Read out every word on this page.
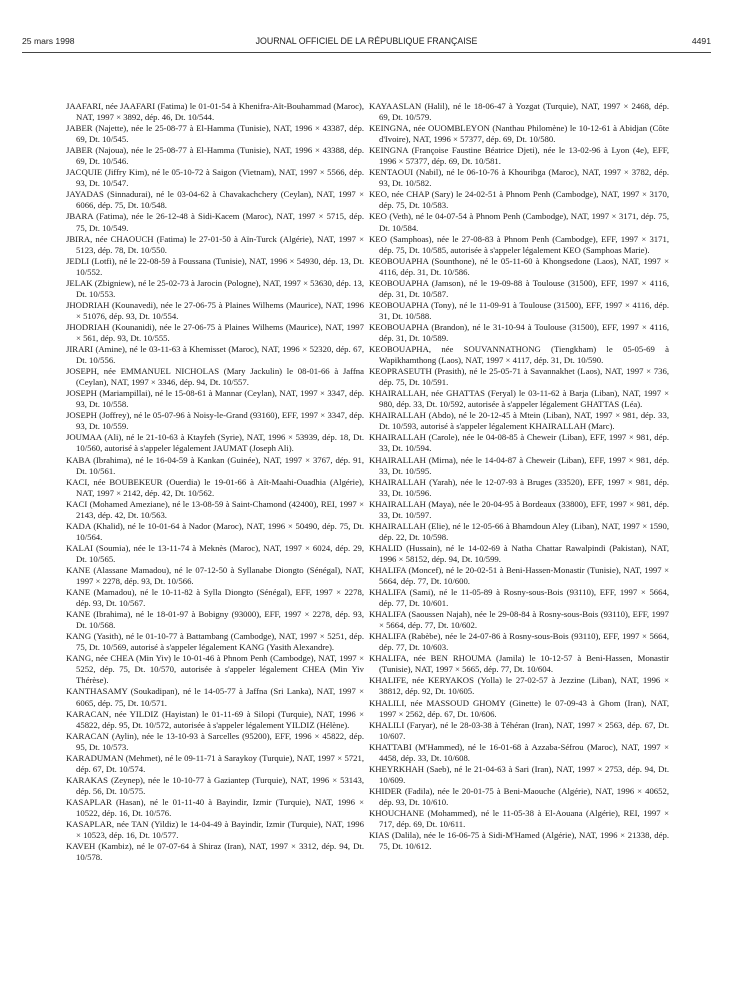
25 mars 1998	JOURNAL OFFICIEL DE LA RÉPUBLIQUE FRANÇAISE	4491

JAAFARI, née JAAFARI (Fatima) le 01-01-54 à Khenifra-Aït-Bouhammad (Maroc), NAT, 1997 × 3892, dép. 46, Dt. 10/544.

JABER (Najette), née le 25-08-77 à El-Hamma (Tunisie), NAT, 1996 × 43387, dép. 69, Dt. 10/545.

JABER (Najoua), née le 25-08-77 à El-Hamma (Tunisie), NAT, 1996 × 43388, dép. 69, Dt. 10/546.

JACQUIE (Jiffry Kim), né le 05-10-72 à Saigon (Vietnam), NAT, 1997 × 5566, dép. 93, Dt. 10/547.

JAYADAS (Sinnadurai), né le 03-04-62 à Chavakachchery (Ceylan), NAT, 1997 × 6066, dép. 75, Dt. 10/548.

JBARA (Fatima), née le 26-12-48 à Sidi-Kacem (Maroc), NAT, 1997 × 5715, dép. 75, Dt. 10/549.

JBIRA, née CHAOUCH (Fatima) le 27-01-50 à Aïn-Turck (Algérie), NAT, 1997 × 5123, dép. 78, Dt. 10/550.

JEDLI (Lotfi), né le 22-08-59 à Foussana (Tunisie), NAT, 1996 × 54930, dép. 13, Dt. 10/552.

JELAK (Zbigniew), né le 25-02-73 à Jarocin (Pologne), NAT, 1997 × 53630, dép. 13, Dt. 10/553.

JHODRIAH (Kounavedi), née le 27-06-75 à Plaines Wilhems (Maurice), NAT, 1996 × 51076, dép. 93, Dt. 10/554.

JHODRIAH (Kounanidi), née le 27-06-75 à Plaines Wilhems (Maurice), NAT, 1997 × 561, dép. 93, Dt. 10/555.

JIRARI (Amine), né le 03-11-63 à Khemisset (Maroc), NAT, 1996 × 52320, dép. 67, Dt. 10/556.

JOSEPH, née EMMANUEL NICHOLAS (Mary Jackulin) le 08-01-66 à Jaffna (Ceylan), NAT, 1997 × 3346, dép. 94, Dt. 10/557.

JOSEPH (Mariampillai), né le 15-08-61 à Mannar (Ceylan), NAT, 1997 × 3347, dép. 93, Dt. 10/558.

JOSEPH (Joffrey), né le 05-07-96 à Noisy-le-Grand (93160), EFF, 1997 × 3347, dép. 93, Dt. 10/559.

JOUMAA (Ali), né le 21-10-63 à Ktayfeh (Syrie), NAT, 1996 × 53939, dép. 18, Dt. 10/560, autorisé à s'appeler légalement JAUMAT (Joseph Ali).

KABA (Ibrahima), né le 16-04-59 à Kankan (Guinée), NAT, 1997 × 3767, dép. 91, Dt. 10/561.

KACI, née BOUBEKEUR (Ouerdia) le 19-01-66 à Aït-Maahi-Ouadhia (Algérie), NAT, 1997 × 2142, dép. 42, Dt. 10/562.

KACI (Mohamed Ameziane), né le 13-08-59 à Saint-Chamond (42400), REI, 1997 × 2143, dép. 42, Dt. 10/563.

KADA (Khalid), né le 10-01-64 à Nador (Maroc), NAT, 1996 × 50490, dép. 75, Dt. 10/564.

KALAI (Soumia), née le 13-11-74 à Meknès (Maroc), NAT, 1997 × 6024, dép. 29, Dt. 10/565.

KANE (Alassane Mamadou), né le 07-12-50 à Syllanabe Diongto (Sénégal), NAT, 1997 × 2278, dép. 93, Dt. 10/566.

KANE (Mamadou), né le 10-11-82 à Sylla Diongto (Sénégal), EFF, 1997 × 2278, dép. 93, Dt. 10/567.

KANE (Ibrahima), né le 18-01-97 à Bobigny (93000), EFF, 1997 × 2278, dép. 93, Dt. 10/568.

KANG (Yasith), né le 01-10-77 à Battambang (Cambodge), NAT, 1997 × 5251, dép. 75, Dt. 10/569, autorisé à s'appeler légalement KANG (Yasith Alexandre).

KANG, née CHEA (Min Yiv) le 10-01-46 à Phnom Penh (Cambodge), NAT, 1997 × 5252, dép. 75, Dt. 10/570, autorisée à s'appeler légalement CHEA (Min Yiv Thérèse).

KANTHASAMY (Soukadipan), né le 14-05-77 à Jaffna (Sri Lanka), NAT, 1997 × 6065, dép. 75, Dt. 10/571.

KARACAN, née YILDIZ (Hayistan) le 01-11-69 à Silopi (Turquie), NAT, 1996 × 45822, dép. 95, Dt. 10/572, autorisée à s'appeler légalement YILDIZ (Hélène).

KARACAN (Aylin), née le 13-10-93 à Sarcelles (95200), EFF, 1996 × 45822, dép. 95, Dt. 10/573.

KARADUMAN (Mehmet), né le 09-11-71 à Saraykoy (Turquie), NAT, 1997 × 5721, dép. 67, Dt. 10/574.

KARAKAS (Zeynep), née le 10-10-77 à Gaziantep (Turquie), NAT, 1996 × 53143, dép. 56, Dt. 10/575.

KASAPLAR (Hasan), né le 01-11-40 à Bayindir, Izmir (Turquie), NAT, 1996 × 10522, dép. 16, Dt. 10/576.

KASAPLAR, née TAN (Yildiz) le 14-04-49 à Bayindir, Izmir (Turquie), NAT, 1996 × 10523, dép. 16, Dt. 10/577.

KAVEH (Kambiz), né le 07-07-64 à Shiraz (Iran), NAT, 1997 × 3312, dép. 94, Dt. 10/578.

KAYAASLAN (Halil), né le 18-06-47 à Yozgat (Turquie), NAT, 1997 × 2468, dép. 69, Dt. 10/579.

KEINGNA, née OUOMBLEYON (Nanthau Philomène) le 10-12-61 à Abidjan (Côte d'Ivoire), NAT, 1996 × 57377, dép. 69, Dt. 10/580.

KEINGNA (Françoise Faustine Béatrice Djeti), née le 13-02-96 à Lyon (4e), EFF, 1996 × 57377, dép. 69, Dt. 10/581.

KENTAOUI (Nabil), né le 06-10-76 à Khouribga (Maroc), NAT, 1997 × 3782, dép. 93, Dt. 10/582.

KEO, née CHAP (Sary) le 24-02-51 à Phnom Penh (Cambodge), NAT, 1997 × 3170, dép. 75, Dt. 10/583.

KEO (Veth), né le 04-07-54 à Phnom Penh (Cambodge), NAT, 1997 × 3171, dép. 75, Dt. 10/584.

KEO (Samphoas), née le 27-08-83 à Phnom Penh (Cambodge), EFF, 1997 × 3171, dép. 75, Dt. 10/585, autorisée à s'appeler légalement KEO (Samphoas Marie).

KEOBOUAPHA (Sounthone), né le 05-11-60 à Khongsedone (Laos), NAT, 1997 × 4116, dép. 31, Dt. 10/586.

KEOBOUAPHA (Jamson), né le 19-09-88 à Toulouse (31500), EFF, 1997 × 4116, dép. 31, Dt. 10/587.

KEOBOUAPHA (Tony), né le 11-09-91 à Toulouse (31500), EFF, 1997 × 4116, dép. 31, Dt. 10/588.

KEOBOUAPHA (Brandon), né le 31-10-94 à Toulouse (31500), EFF, 1997 × 4116, dép. 31, Dt. 10/589.

KEOBOUAPHA, née SOUVANNATHONG (Tiengkham) le 05-05-69 à Wapikhamthong (Laos), NAT, 1997 × 4117, dép. 31, Dt. 10/590.

KEOPRASEUTH (Prasith), né le 25-05-71 à Savannakhet (Laos), NAT, 1997 × 736, dép. 75, Dt. 10/591.

KHAIRALLAH, née GHATTAS (Feryal) le 03-11-62 à Barja (Liban), NAT, 1997 × 980, dép. 33, Dt. 10/592, autorisée à s'appeler légalement GHATTAS (Léa).

KHAIRALLAH (Abdo), né le 20-12-45 à Mtein (Liban), NAT, 1997 × 981, dép. 33, Dt. 10/593, autorisé à s'appeler légalement KHAIRALLAH (Marc).

KHAIRALLAH (Carole), née le 04-08-85 à Cheweir (Liban), EFF, 1997 × 981, dép. 33, Dt. 10/594.

KHAIRALLAH (Mirna), née le 14-04-87 à Cheweir (Liban), EFF, 1997 × 981, dép. 33, Dt. 10/595.

KHAIRALLAH (Yarah), née le 12-07-93 à Bruges (33520), EFF, 1997 × 981, dép. 33, Dt. 10/596.

KHAIRALLAH (Maya), née le 20-04-95 à Bordeaux (33800), EFF, 1997 × 981, dép. 33, Dt. 10/597.

KHAIRALLAH (Elie), né le 12-05-66 à Bhamdoun Aley (Liban), NAT, 1997 × 1590, dép. 22, Dt. 10/598.

KHALID (Hussain), né le 14-02-69 à Natha Chattar Rawalpindi (Pakistan), NAT, 1996 × 58152, dép. 94, Dt. 10/599.

KHALIFA (Moncef), né le 20-02-51 à Beni-Hassen-Monastir (Tunisie), NAT, 1997 × 5664, dép. 77, Dt. 10/600.

KHALIFA (Sami), né le 11-05-89 à Rosny-sous-Bois (93110), EFF, 1997 × 5664, dép. 77, Dt. 10/601.

KHALIFA (Saoussen Najah), née le 29-08-84 à Rosny-sous-Bois (93110), EFF, 1997 × 5664, dép. 77, Dt. 10/602.

KHALIFA (Rabèbe), née le 24-07-86 à Rosny-sous-Bois (93110), EFF, 1997 × 5664, dép. 77, Dt. 10/603.

KHALIFA, née BEN RHOUMA (Jamila) le 10-12-57 à Beni-Hassen, Monastir (Tunisie), NAT, 1997 × 5665, dép. 77, Dt. 10/604.

KHALIFE, née KERYAKOS (Yolla) le 27-02-57 à Jezzine (Liban), NAT, 1996 × 38812, dép. 92, Dt. 10/605.

KHALILI, née MASSOUD GHOMY (Ginette) le 07-09-43 à Ghom (Iran), NAT, 1997 × 2562, dép. 67, Dt. 10/606.

KHALILI (Faryar), né le 28-03-38 à Téhéran (Iran), NAT, 1997 × 2563, dép. 67, Dt. 10/607.

KHATTABI (M'Hammed), né le 16-01-68 à Azzaba-Séfrou (Maroc), NAT, 1997 × 4458, dép. 33, Dt. 10/608.

KHEYRKHAH (Saeb), né le 21-04-63 à Sari (Iran), NAT, 1997 × 2753, dép. 94, Dt. 10/609.

KHIDER (Fadila), née le 20-01-75 à Beni-Maouche (Algérie), NAT, 1996 × 40652, dép. 93, Dt. 10/610.

KHOUCHANE (Mohammed), né le 11-05-38 à El-Aouana (Algérie), REI, 1997 × 717, dép. 69, Dt. 10/611.

KIAS (Dalila), née le 16-06-75 à Sidi-M'Hamed (Algérie), NAT, 1996 × 21338, dép. 75, Dt. 10/612.
